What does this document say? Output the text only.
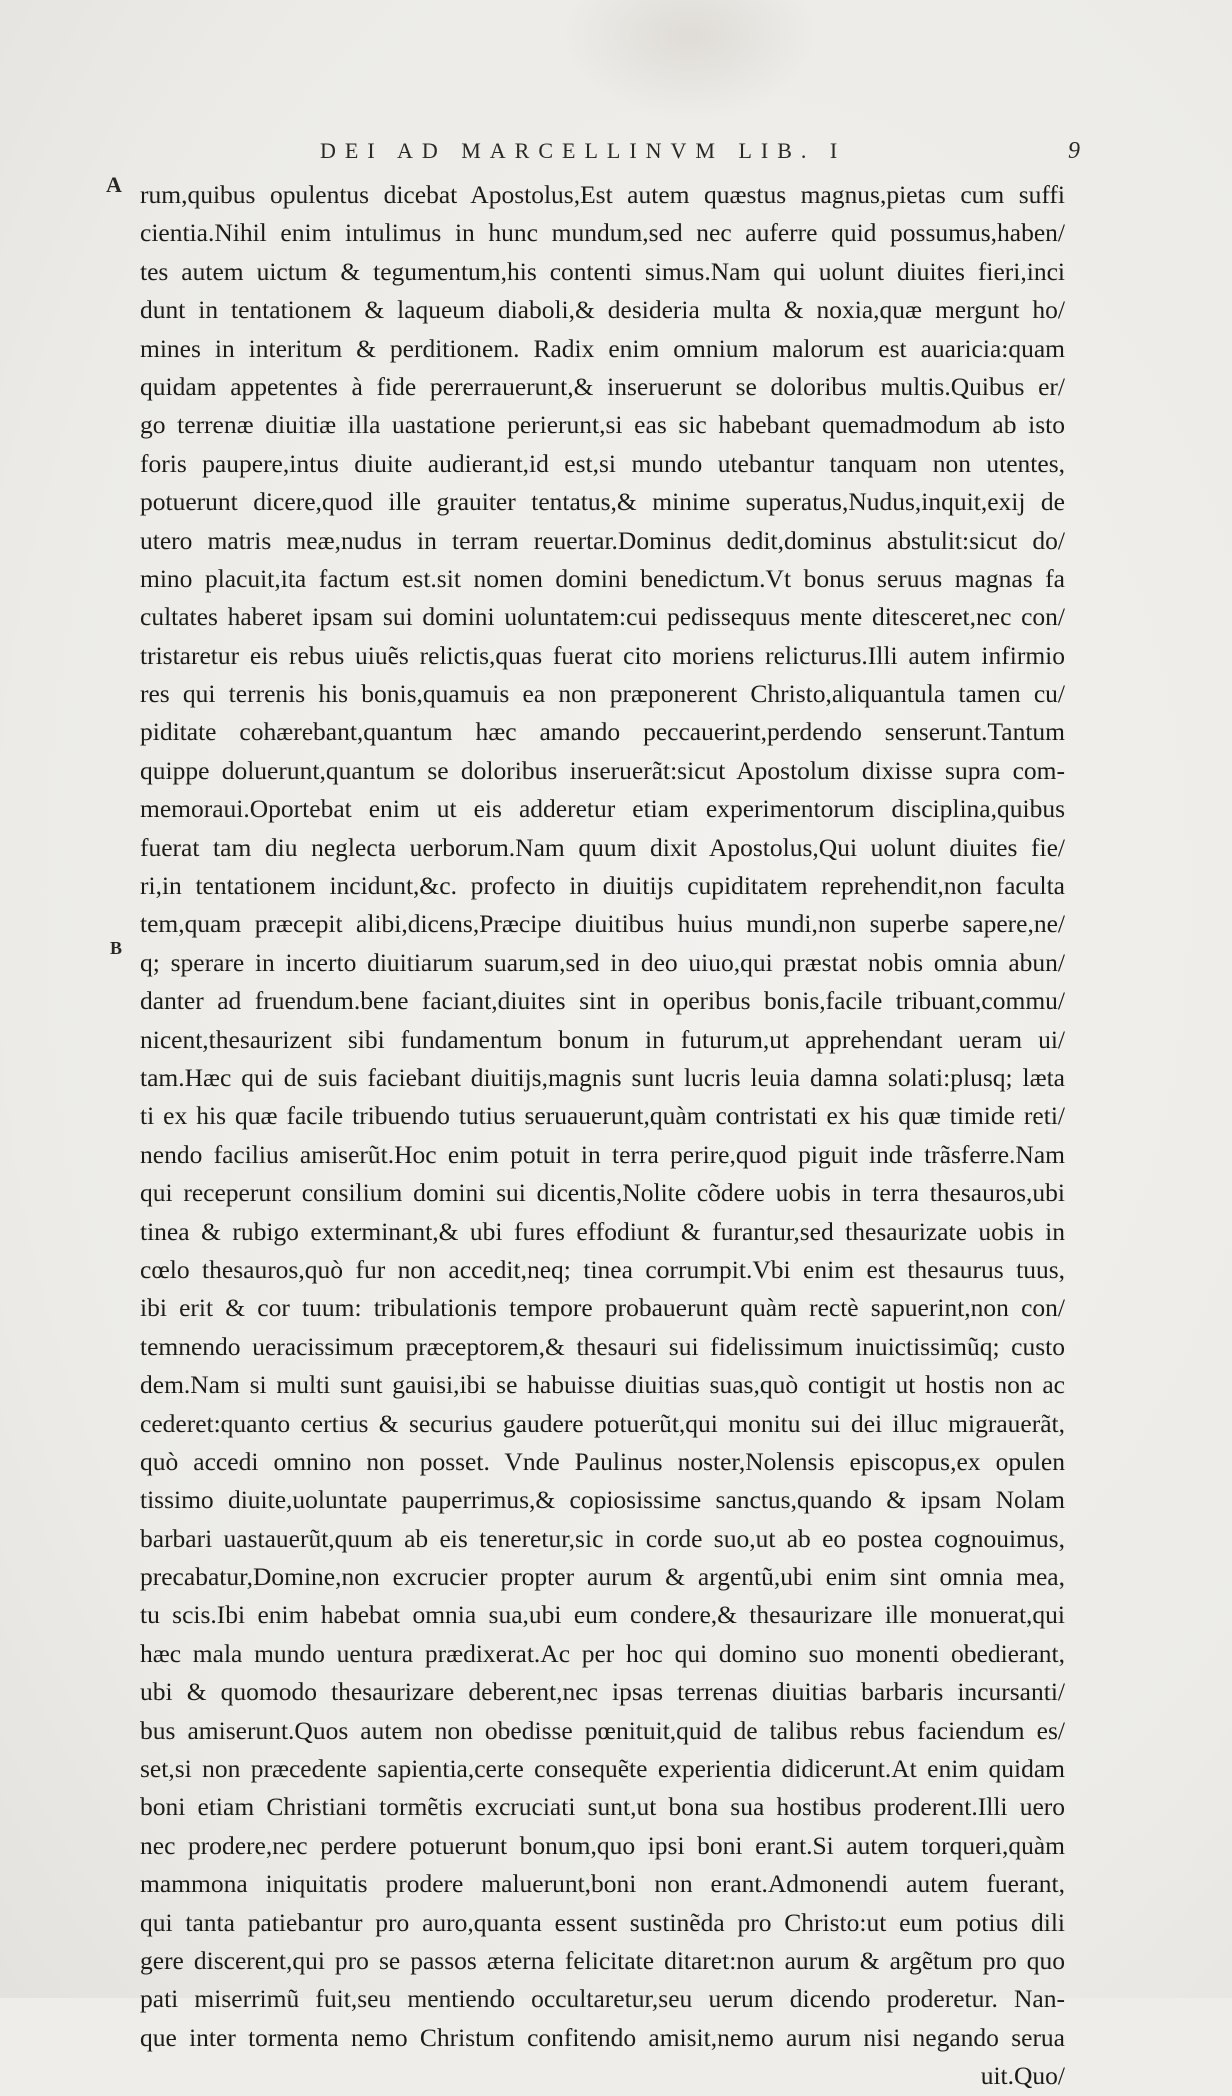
DEI AD MARCELLINVM LIB. I	9
A
B
rum,quibus opulentus dicebat Apostolus,Est autem quæstus magnus,pietas cum suffi
cientia.Nihil enim intulimus in hunc mundum,sed nec auferre quid possumus,haben/
tes autem uictum & tegumentum,his contenti simus.Nam qui uolunt diuites fieri,inci
dunt in tentationem & laqueum diaboli,& desideria multa & noxia,quæ mergunt ho/
mines in interitum & perditionem. Radix enim omnium malorum est auaricia:quam
quidam appetentes à fide pererrauerunt,& inseruerunt se doloribus multis.Quibus er/
go terrenæ diuitiæ illa uastatione perierunt,si eas sic habebant quemadmodum ab isto
foris paupere,intus diuite audierant,id est,si mundo utebantur tanquam non utentes,
potuerunt dicere,quod ille grauiter tentatus,& minime superatus,Nudus,inquit,exij de
utero matris meæ,nudus in terram reuertar.Dominus dedit,dominus abstulit:sicut do/
mino placuit,ita factum est.sit nomen domini benedictum.Vt bonus seruus magnas fa
cultates haberet ipsam sui domini uoluntatem:cui pedissequus mente ditesceret,nec con/
tristaretur eis rebus uiuẽs relictis,quas fuerat cito moriens relicturus.Illi autem infirmio
res qui terrenis his bonis,quamuis ea non præponerent Christo,aliquantula tamen cu/
piditate cohærebant,quantum hæc amando peccauerint,perdendo senserunt.Tantum
quippe doluerunt,quantum se doloribus inseruerãt:sicut Apostolum dixisse supra com-
memoraui.Oportebat enim ut eis adderetur etiam experimentorum disciplina,quibus
fuerat tam diu neglecta uerborum.Nam quum dixit Apostolus,Qui uolunt diuites fie/
ri,in tentationem incidunt,&c. profecto in diuitijs cupiditatem reprehendit,non faculta
tem,quam præcepit alibi,dicens,Præcipe diuitibus huius mundi,non superbe sapere,ne/
q; sperare in incerto diuitiarum suarum,sed in deo uiuo,qui præstat nobis omnia abun/
danter ad fruendum.bene faciant,diuites sint in operibus bonis,facile tribuant,commu/
nicent,thesaurizent sibi fundamentum bonum in futurum,ut apprehendant ueram ui/
tam.Hæc qui de suis faciebant diuitijs,magnis sunt lucris leuia damna solati:plusq; læta
ti ex his quæ facile tribuendo tutius seruauerunt,quàm contristati ex his quæ timide reti/
nendo facilius amiserũt.Hoc enim potuit in terra perire,quod piguit inde trãsferre.Nam
qui receperunt consilium domini sui dicentis,Nolite cõdere uobis in terra thesauros,ubi
tinea & rubigo exterminant,& ubi fures effodiunt & furantur,sed thesaurizate uobis in
cœlo thesauros,quò fur non accedit,neq; tinea corrumpit.Vbi enim est thesaurus tuus,
ibi erit & cor tuum: tribulationis tempore probauerunt quàm rectè sapuerint,non con/
temnendo ueracissimum præceptorem,& thesauri sui fidelissimum inuictissimũq; custo
dem.Nam si multi sunt gauisi,ibi se habuisse diuitias suas,quò contigit ut hostis non ac
cederet:quanto certius & securius gaudere potuerũt,qui monitu sui dei illuc migrauerãt,
quò accedi omnino non posset. Vnde Paulinus noster,Nolensis episcopus,ex opulen
tissimo diuite,uoluntate pauperrimus,& copiosissime sanctus,quando & ipsam Nolam
barbari uastauerũt,quum ab eis teneretur,sic in corde suo,ut ab eo postea cognouimus,
precabatur,Domine,non excrucier propter aurum & argentũ,ubi enim sint omnia mea,
tu scis.Ibi enim habebat omnia sua,ubi eum condere,& thesaurizare ille monuerat,qui
hæc mala mundo uentura prædixerat.Ac per hoc qui domino suo monenti obedierant,
ubi & quomodo thesaurizare deberent,nec ipsas terrenas diuitias barbaris incursanti/
bus amiserunt.Quos autem non obedisse pœnituit,quid de talibus rebus faciendum es/
set,si non præcedente sapientia,certe consequẽte experientia didicerunt.At enim quidam
boni etiam Christiani tormẽtis excruciati sunt,ut bona sua hostibus proderent.Illi uero
nec prodere,nec perdere potuerunt bonum,quo ipsi boni erant.Si autem torqueri,quàm
mammona iniquitatis prodere maluerunt,boni non erant.Admonendi autem fuerant,
qui tanta patiebantur pro auro,quanta essent sustinẽda pro Christo:ut eum potius dili
gere discerent,qui pro se passos æterna felicitate ditaret:non aurum & argẽtum pro quo
pati miserrimũ fuit,seu mentiendo occultaretur,seu uerum dicendo proderetur. Nan-
que inter tormenta nemo Christum confitendo amisit,nemo aurum nisi negando serua
uit.Quo/
